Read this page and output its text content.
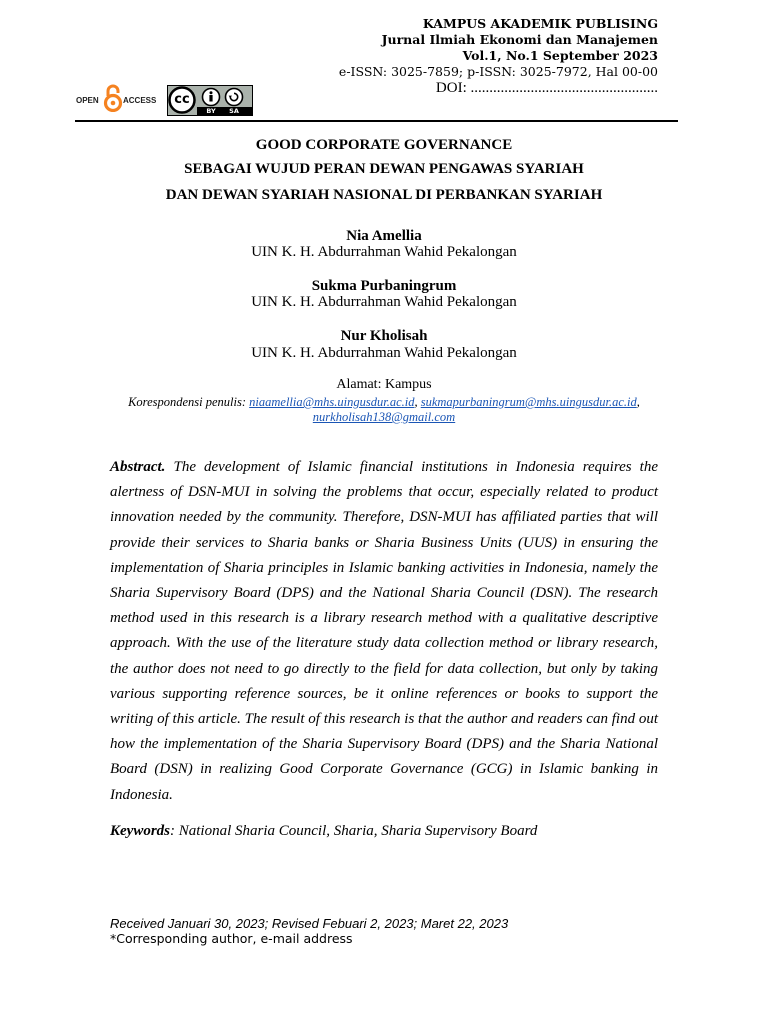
KAMPUS AKADEMIK PUBLISING
Jurnal Ilmiah Ekonomi dan Manajemen
Vol.1, No.1 September 2023
e-ISSN: 3025-7859; p-ISSN: 3025-7972, Hal 00-00
DOI: ..................................................
OPEN	ACCESS cc
BY	SA
GOOD CORPORATE GOVERNANCE
SEBAGAI WUJUD PERAN DEWAN PENGAWAS SYARIAH
DAN DEWAN SYARIAH NASIONAL DI PERBANKAN SYARIAH
Nia Amellia
UIN K. H. Abdurrahman Wahid Pekalongan
Sukma Purbaningrum
UIN K. H. Abdurrahman Wahid Pekalongan
Nur Kholisah
UIN K. H. Abdurrahman Wahid Pekalongan
Alamat: Kampus
Korespondensi penulis: niaamellia@mhs.uingusdur.ac.id, sukmapurbaningrum@mhs.uingusdur.ac.id,
nurkholisah138@gmail.com
Abstract. The development of Islamic financial institutions in Indonesia requires the alertness of DSN-MUI in solving the problems that occur, especially related to product innovation needed by the community. Therefore, DSN-MUI has affiliated parties that will provide their services to Sharia banks or Sharia Business Units (UUS) in ensuring the implementation of Sharia principles in Islamic banking activities in Indonesia, namely the Sharia Supervisory Board (DPS) and the National Sharia Council (DSN). The research method used in this research is a library research method with a qualitative descriptive approach. With the use of the literature study data collection method or library research, the author does not need to go directly to the field for data collection, but only by taking various supporting reference sources, be it online references or books to support the writing of this article. The result of this research is that the author and readers can find out how the implementation of the Sharia Supervisory Board (DPS) and the Sharia National Board (DSN) in realizing Good Corporate Governance (GCG) in Islamic banking in Indonesia.
Keywords: National Sharia Council, Sharia, Sharia Supervisory Board
Received Januari 30, 2023; Revised Febuari 2, 2023; Maret 22, 2023
*Corresponding author, e-mail address
